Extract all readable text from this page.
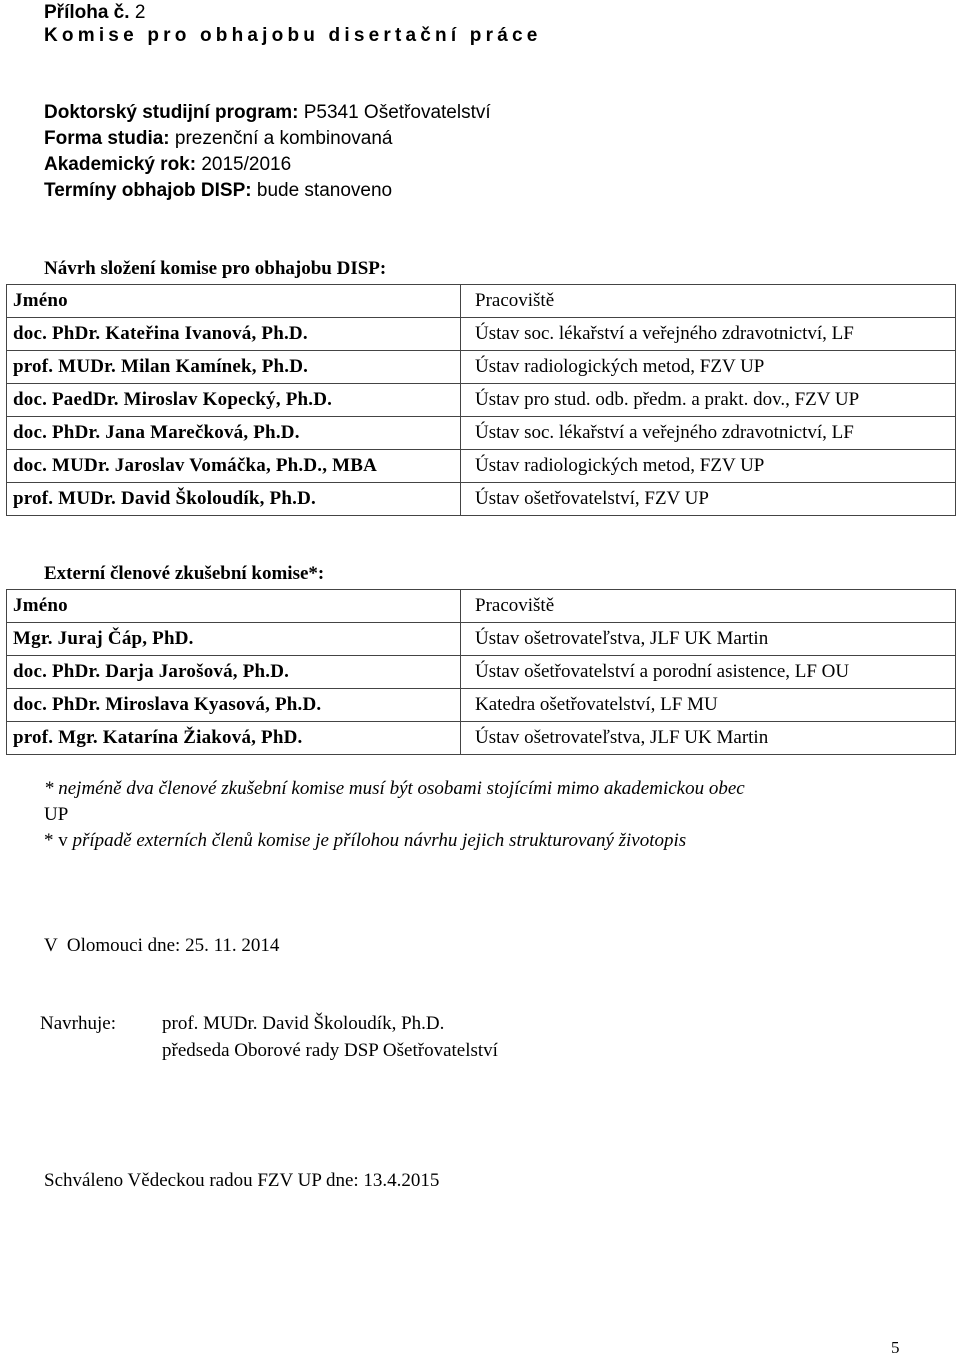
Příloha č. 2
Komise pro obhajobu disertační práce
Doktorský studijní program: P5341 Ošetřovatelství
Forma studia: prezenční a kombinovaná
Akademický rok: 2015/2016
Termíny obhajob DISP: bude stanoveno
Návrh složení komise pro obhajobu DISP:
Jméno	Pracoviště
doc. PhDr. Kateřina Ivanová, Ph.D.	Ústav soc. lékařství a veřejného zdravotnictví, LF
prof. MUDr. Milan Kamínek, Ph.D.	Ústav radiologických metod, FZV UP
doc. PaedDr. Miroslav Kopecký, Ph.D.	Ústav pro stud. odb. předm. a prakt. dov., FZV UP
doc. PhDr. Jana Marečková, Ph.D.	Ústav soc. lékařství a veřejného zdravotnictví, LF
doc. MUDr. Jaroslav Vomáčka, Ph.D., MBA	Ústav radiologických metod, FZV UP
prof. MUDr. David Školoudík, Ph.D.	Ústav ošetřovatelství, FZV UP
Externí členové zkušební komise*:
Jméno	Pracoviště
Mgr. Juraj Čáp, PhD.	Ústav ošetrovateľstva, JLF UK Martin
doc. PhDr. Darja Jarošová, Ph.D.	Ústav ošetřovatelství a porodní asistence, LF OU
doc. PhDr. Miroslava Kyasová, Ph.D.	Katedra ošetřovatelství, LF MU
prof. Mgr. Katarína Žiaková, PhD.	Ústav ošetrovateľstva, JLF UK Martin
* nejméně dva členové zkušební komise musí být osobami stojícími mimo akademickou obec
UP
* v případě externích členů komise je přílohou návrhu jejich strukturovaný životopis
V  Olomouci dne: 25. 11. 2014
Navrhuje: prof. MUDr. David Školoudík, Ph.D.
předseda Oborové rady DSP Ošetřovatelství
Schváleno Vědeckou radou FZV UP dne: 13.4.2015
5
